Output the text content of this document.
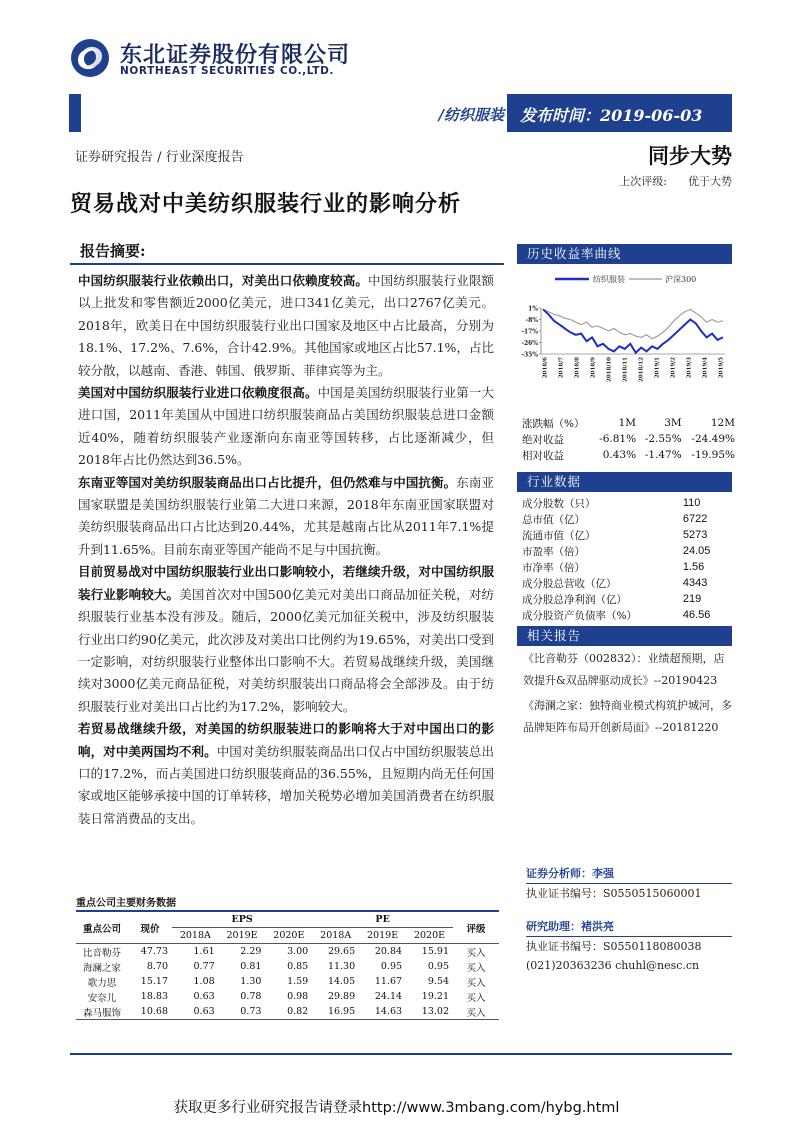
东北证券股份有限公司
NORTHEAST SECURITIES CO.,LTD.
/纺织服装 发布时间：2019-06-03
证券研究报告 / 行业深度报告	同步大势
上次评级: 优于大势
贸易战对中美纺织服装行业的影响分析
报告摘要:

中国纺织服装行业依赖出口，对美出口依赖度较高。中国纺织服装行业限额以上批发和零售额近2000亿美元，进口341亿美元，出口2767亿美元。2018年，欧美日在中国纺织服装行业出口国家及地区中占比最高，分别为18.1%、17.2%、7.6%，合计42.9%。其他国家或地区占比57.1%，占比较分散，以越南、香港、韩国、俄罗斯、菲律宾等为主。

美国对中国纺织服装行业进口依赖度很高。中国是美国纺织服装行业第一大进口国，2011年美国从中国进口纺织服装商品占美国纺织服装总进口金额近40%，随着纺织服装产业逐渐向东南亚等国转移，占比逐渐减少，但2018年占比仍然达到36.5%。

东南亚等国对美纺织服装商品出口占比提升，但仍然难与中国抗衡。东南亚国家联盟是美国纺织服装行业第二大进口来源，2018年东南亚国家联盟对美纺织服装商品出口占比达到20.44%，尤其是越南占比从2011年7.1%提升到11.65%。目前东南亚等国产能尚不足与中国抗衡。

目前贸易战对中国纺织服装行业出口影响较小，若继续升级，对中国纺织服装行业影响较大。美国首次对中国500亿美元对美出口商品加征关税，对纺织服装行业基本没有涉及。随后，2000亿美元加征关税中，涉及纺织服装行业出口约90亿美元，此次涉及对美出口比例约为19.65%，对美出口受到一定影响，对纺织服装行业整体出口影响不大。若贸易战继续升级，美国继续对3000亿美元商品征税，对美纺织服装出口商品将会全部涉及。由于纺织服装行业对美出口占比约为17.2%，影响较大。

若贸易战继续升级，对美国的纺织服装进口的影响将大于对中国出口的影响，对中美两国均不利。中国对美纺织服装商品出口仅占中国纺织服装总出口的17.2%，而占美国进口纺织服装商品的36.55%，且短期内尚无任何国家或地区能够承接中国的订单转移，增加关税势必增加美国消费者在纺织服装日常消费品的支出。

重点公司主要财务数据
重点公司	现价	EPS			PE			评级
		2018A	2019E	2020E	2018A	2019E	2020E	
比音勒芬	47.73	1.61	2.29	3.00	29.65	20.84	15.91	买入
海澜之家	8.70	0.77	0.81	0.85	11.30	0.95	0.95	买入
歌力思	15.17	1.08	1.30	1.59	14.05	11.67	9.54	买入
安奈儿	18.83	0.63	0.78	0.98	29.89	24.14	19.21	买入
森马服饰	10.68	0.63	0.73	0.82	16.95	14.63	13.02	买入
历史收益率曲线
纺织服装	沪深300
1%
-8%
-17%
-26%
-35%
2018/6 2018/7 2018/8 2018/9 2018/10 2018/11 2018/12 2019/1 2019/2 2019/3 2019/4 2019/5
涨跌幅（%）	1M	3M	12M
绝对收益	-6.81%	-2.55%	-24.49%
相对收益	0.43%	-1.47%	-19.95%
行业数据
成分股数（只）	110
总市值（亿）	6722
流通市值（亿）	5273
市盈率（倍）	24.05
市净率（倍）	1.56
成分股总营收（亿）	4343
成分股总净利润（亿）	219
成分股资产负债率（%）	46.56
相关报告

《比音勒芬（002832）：业绩超预期，店效提升&双品牌驱动成长》--20190423

《海澜之家：独特商业模式构筑护城河，多品牌矩阵布局开创新局面》--20181220

证券分析师：李强
执业证书编号：S0550515060001
研究助理：褚洪亮
执业证书编号：S0550118080038
(021)20363236 chuhl@nesc.cn
获取更多行业研究报告请登录http://www.3mbang.com/hybg.html
